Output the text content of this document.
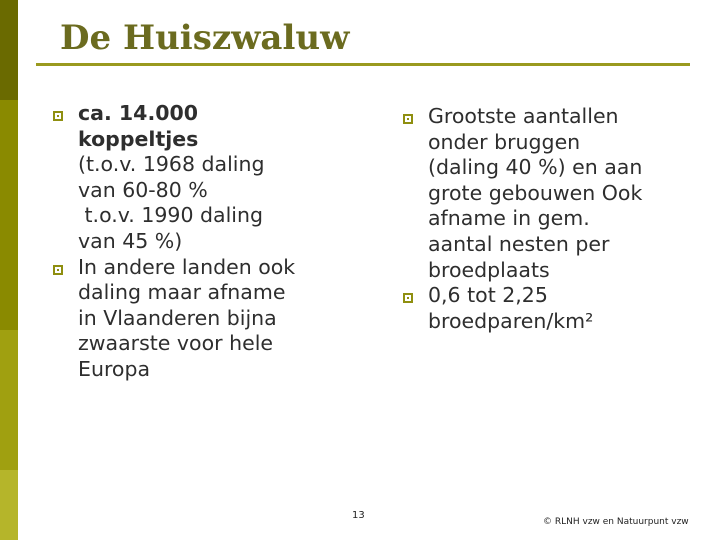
De Huiszwaluw
ca. 14.000
koppeltjes
(t.o.v. 1968 daling
van 60-80 %
t.o.v. 1990 daling
van 45 %)
In andere landen ook
daling maar afname
in Vlaanderen bijna
zwaarste voor hele
Europa
Grootste aantallen
onder bruggen
(daling 40 %) en aan
grote gebouwen Ook
afname in gem.
aantal nesten per
broedplaats
0,6 tot 2,25
broedparen/km²
13
© RLNH vzw en Natuurpunt vzw
